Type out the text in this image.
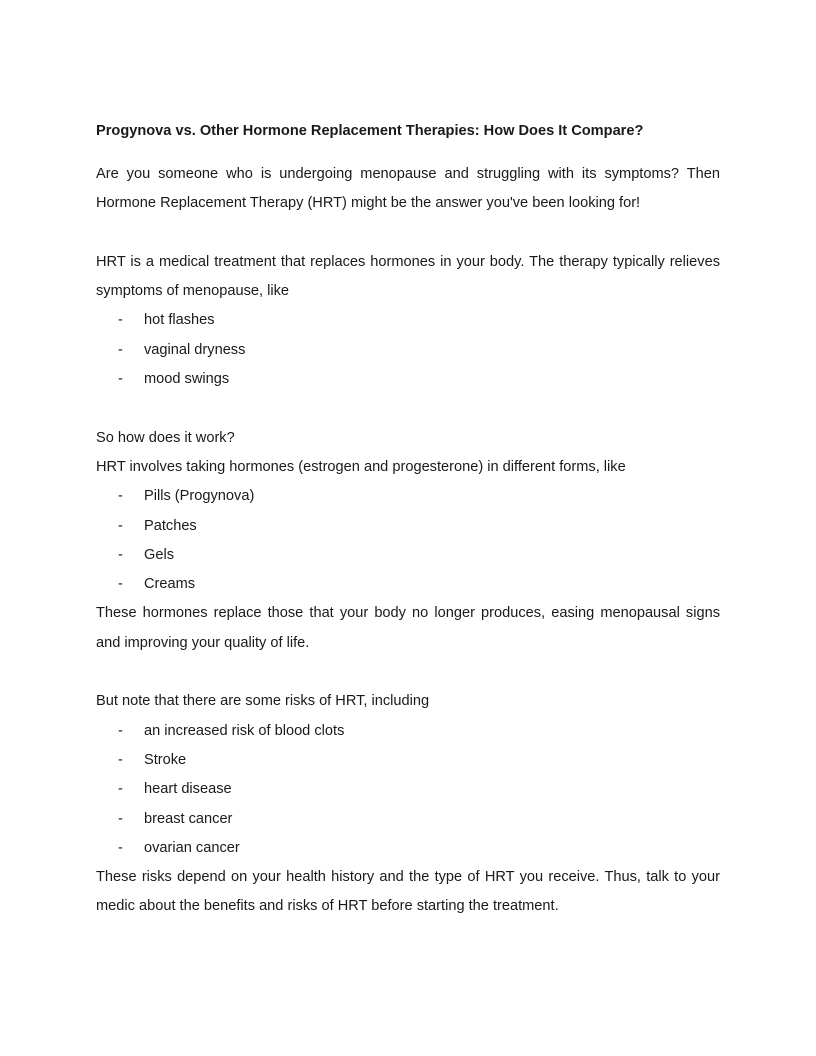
Progynova vs. Other Hormone Replacement Therapies: How Does It Compare?

Are you someone who is undergoing menopause and struggling with its symptoms? Then Hormone Replacement Therapy (HRT) might be the answer you've been looking for!

HRT is a medical treatment that replaces hormones in your body. The therapy typically relieves symptoms of menopause, like

- hot flashes
- vaginal dryness
- mood swings

So how does it work?

HRT involves taking hormones (estrogen and progesterone) in different forms, like

- Pills (Progynova)
- Patches
- Gels
- Creams

These hormones replace those that your body no longer produces, easing menopausal signs and improving your quality of life.

But note that there are some risks of HRT, including

- an increased risk of blood clots
- Stroke
- heart disease
- breast cancer
- ovarian cancer

These risks depend on your health history and the type of HRT you receive. Thus, talk to your medic about the benefits and risks of HRT before starting the treatment.
